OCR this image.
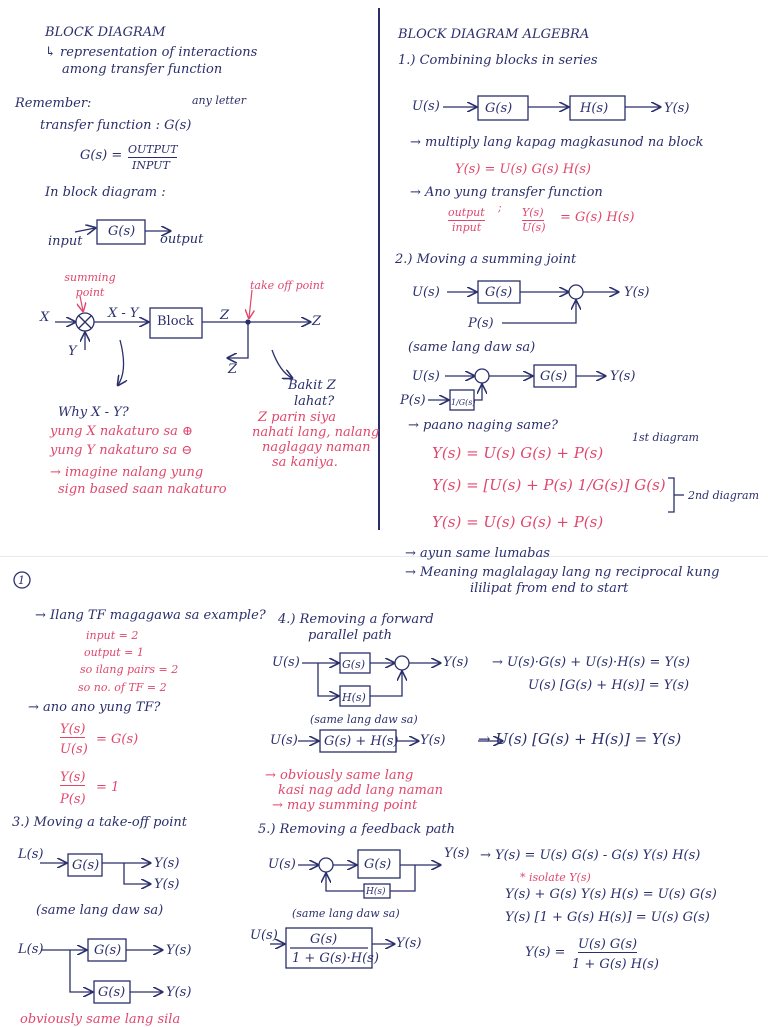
BLOCK DIAGRAM
↳ representation of interactions
among transfer function
Remember:	any letter
transfer function : G(s)
G(s) = OUTPUT
INPUT
In block diagram :
G(s)
input	output
summing point
take off point
X	X - Y
Block Z	Z
Z
Y
Why X - Y?
yung X nakaturo sa ⊕
yung Y nakaturo sa ⊖
→ imagine nalang yung
sign based saan nakaturo
Bakit Z
lahat?
Z parin siya
nahati lang, nalang
naglagay naman
sa kaniya.
BLOCK DIAGRAM ALGEBRA
1.) Combining blocks in series
U(s)	G(s)	H(s)	Y(s)
→ multiply lang kapag magkasunod na block
Y(s) = U(s) G(s) H(s)
→ Ano yung transfer function
output
input
; Y(s)
U(s)
= G(s) H(s)
2.) Moving a summing joint
U(s)	G(s)	Y(s)
P(s)
(same lang daw sa)
U(s)	G(s)	Y(s)
P(s)	1/G(s)
→ paano naging same?
1st diagram
Y(s) = U(s) G(s) + P(s)
Y(s) = [U(s) + P(s) 1/G(s)] G(s)
2nd diagram
Y(s) = U(s) G(s) + P(s)
→ ayun same lumabas
→ Meaning maglalagay lang ng reciprocal kung
ililipat from end to start
1
→ Ilang TF magagawa sa example?
input = 2
output = 1
so ilang pairs = 2
so no. of TF = 2
→ ano ano yung TF?
Y(s)
U(s)
= G(s)
Y(s)
P(s)
= 1
3.) Moving a take-off point
L(s)
G(s)	Y(s)
Y(s)
(same lang daw sa)
L(s)	G(s)	Y(s)
G(s)	Y(s)
obviously same lang sila
4.) Removing a forward
parallel path
U(s)	G(s)
H(s)
Y(s)
(same lang daw sa)
U(s) G(s) + H(s) Y(s)
→ U(s)·G(s) + U(s)·H(s) = Y(s)
U(s) [G(s) + H(s)] = Y(s)
→ U(s) [G(s) + H(s)] = Y(s)
→ obviously same lang
kasi nag add lang naman
→ may summing point
5.) Removing a feedback path
U(s)	G(s)
H(s)
Y(s)
(same lang daw sa)
U(s) G(s)
1 + G(s)·H(s)
Y(s)
→ Y(s) = U(s) G(s) - G(s) Y(s) H(s)
* isolate Y(s)
Y(s) + G(s) Y(s) H(s) = U(s) G(s)
Y(s) [1 + G(s) H(s)] = U(s) G(s)
Y(s) =
U(s) G(s)
1 + G(s) H(s)
